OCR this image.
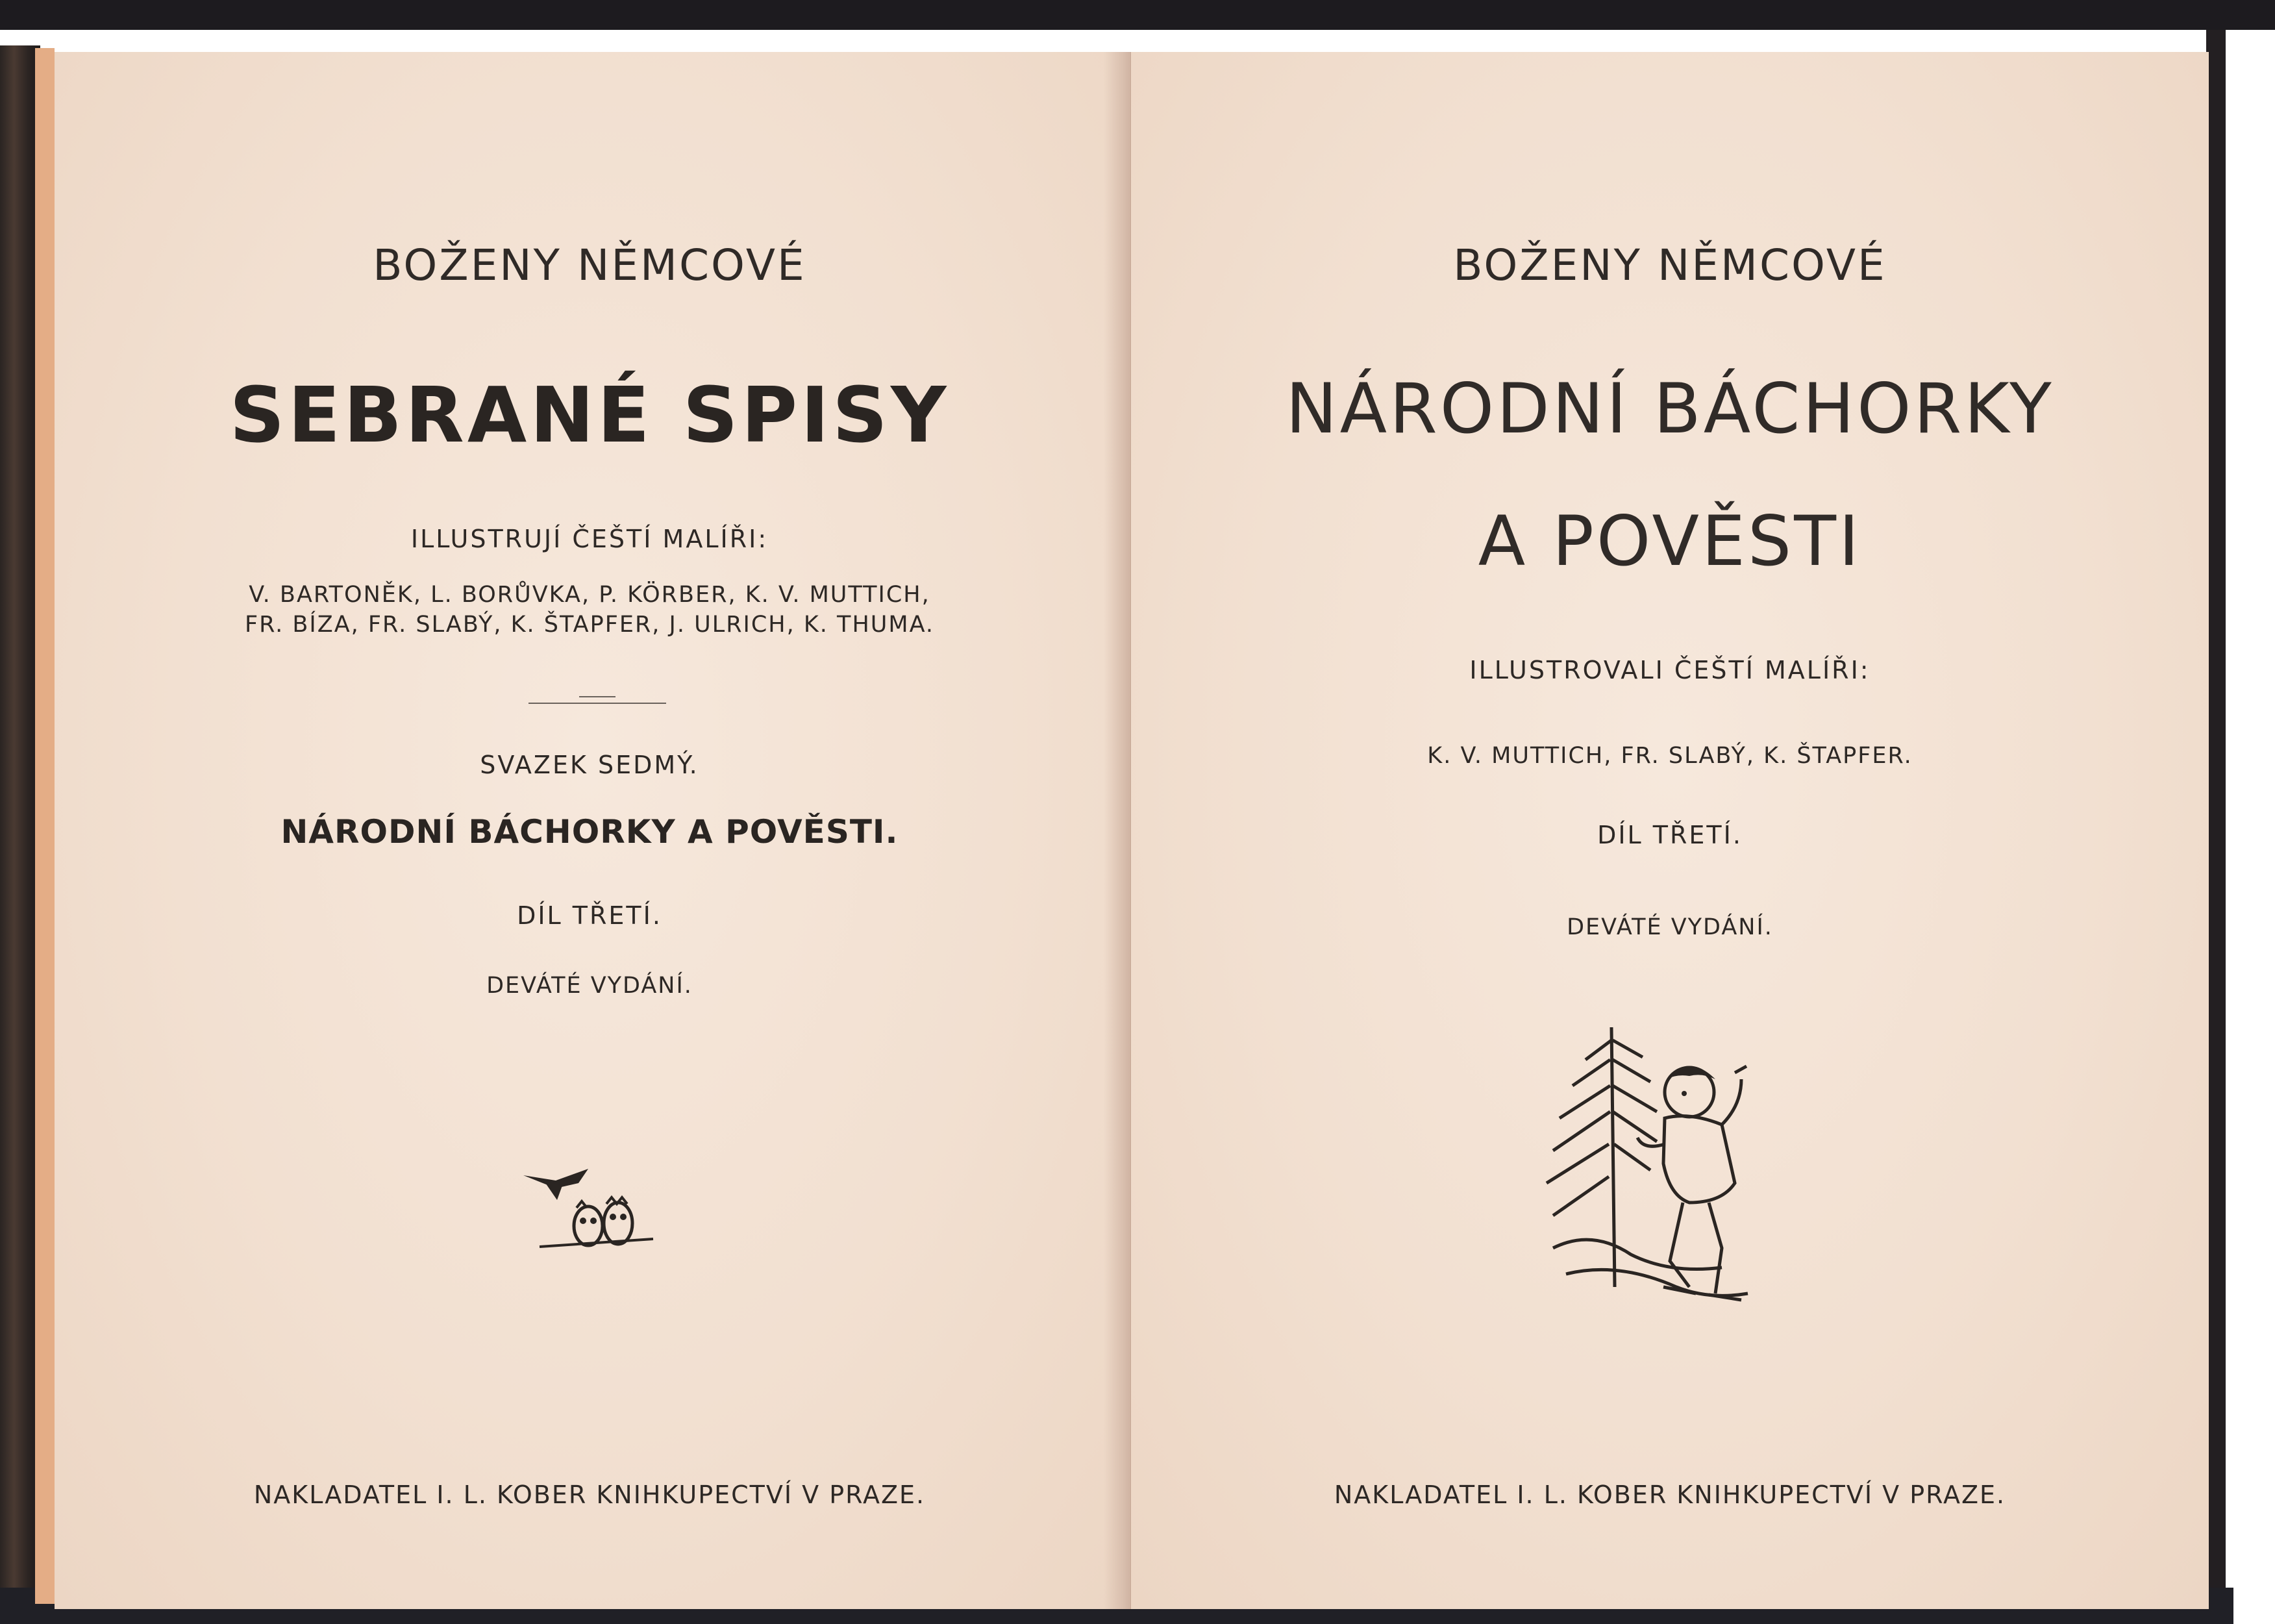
BOŽENY NĚMCOVÉ
SEBRANÉ SPISY
ILLUSTRUJÍ ČEŠTÍ MALÍŘI:
V. BARTONĚK, L. BORŮVKA, P. KÖRBER, K. V. MUTTICH,
FR. BÍZA, FR. SLABÝ, K. ŠTAPFER, J. ULRICH, K. THUMA.
SVAZEK SEDMÝ.
NÁRODNÍ BÁCHORKY A POVĚSTI.
DÍL TŘETÍ.
DEVÁTÉ VYDÁNÍ.
NAKLADATEL I. L. KOBER KNIHKUPECTVÍ V PRAZE.
BOŽENY NĚMCOVÉ
NÁRODNÍ BÁCHORKY
A POVĚSTI
ILLUSTROVALI ČEŠTÍ MALÍŘI:
K. V. MUTTICH, FR. SLABÝ, K. ŠTAPFER.
DÍL TŘETÍ.
DEVÁTÉ VYDÁNÍ.
NAKLADATEL I. L. KOBER KNIHKUPECTVÍ V PRAZE.
